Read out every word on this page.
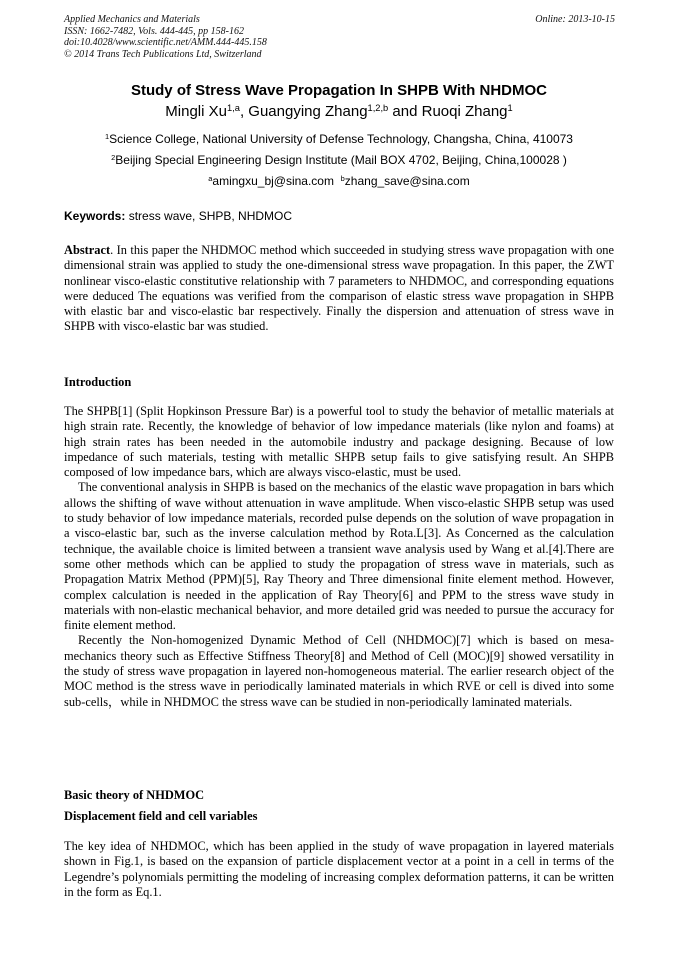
Applied Mechanics and Materials
ISSN: 1662-7482, Vols. 444-445, pp 158-162
doi:10.4028/www.scientific.net/AMM.444-445.158
© 2014 Trans Tech Publications Ltd, Switzerland
Online: 2013-10-15
Study of Stress Wave Propagation In SHPB With NHDMOC
Mingli Xu$^{1,a}$, Guangying Zhang$^{1,2,b}$ and Ruoqi Zhang$^1$
$^1$Science College, National University of Defense Technology, Changsha, China, 410073
$^2$Beijing Special Engineering Design Institute (Mail BOX 4702, Beijing, China,100028 )
$^a$amingxu_bj@sina.com $^b$zhang_save@sina.com
Keywords: stress wave, SHPB, NHDMOC

Abstract. In this paper the NHDMOC method which succeeded in studying stress wave propagation with one dimensional strain was applied to study the one-dimensional stress wave propagation. In this paper, the ZWT nonlinear visco-elastic constitutive relationship with 7 parameters to NHDMOC, and corresponding equations were deduced The equations was verified from the comparison of elastic stress wave propagation in SHPB with elastic bar and visco-elastic bar respectively. Finally the dispersion and attenuation of stress wave in SHPB with visco-elastic bar was studied.

Introduction

The SHPB[1] (Split Hopkinson Pressure Bar) is a powerful tool to study the behavior of metallic materials at high strain rate. Recently, the knowledge of behavior of low impedance materials (like nylon and foams) at high strain rates has been needed in the automobile industry and package designing. Because of low impedance of such materials, testing with metallic SHPB setup fails to give satisfying result. An SHPB composed of low impedance bars, which are always visco-elastic, must be used.

The conventional analysis in SHPB is based on the mechanics of the elastic wave propagation in bars which allows the shifting of wave without attenuation in wave amplitude. When visco-elastic SHPB setup was used to study behavior of low impedance materials, recorded pulse depends on the solution of wave propagation in a visco-elastic bar, such as the inverse calculation method by Rota.L[3]. As Concerned as the calculation technique, the available choice is limited between a transient wave analysis used by Wang et al.[4].There are some other methods which can be applied to study the propagation of stress wave in materials, such as Propagation Matrix Method (PPM)[5], Ray Theory and Three dimensional finite element method. However, complex calculation is needed in the application of Ray Theory[6] and PPM to the stress wave study in materials with non-elastic mechanical behavior, and more detailed grid was needed to pursue the accuracy for finite element method.

Recently the Non-homogenized Dynamic Method of Cell (NHDMOC)[7] which is based on mesa-mechanics theory such as Effective Stiffness Theory[8] and Method of Cell (MOC)[9] showed versatility in the study of stress wave propagation in layered non-homogeneous material. The earlier research object of the MOC method is the stress wave in periodically laminated materials in which RVE or cell is dived into some sub-cells，while in NHDMOC the stress wave can be studied in non-periodically laminated materials.

Basic theory of NHDMOC
Displacement field and cell variables

The key idea of NHDMOC, which has been applied in the study of wave propagation in layered materials shown in Fig.1, is based on the expansion of particle displacement vector at a point in a cell in terms of the Legendre’s polynomials permitting the modeling of increasing complex deformation patterns, it can be written in the form as Eq.1.
